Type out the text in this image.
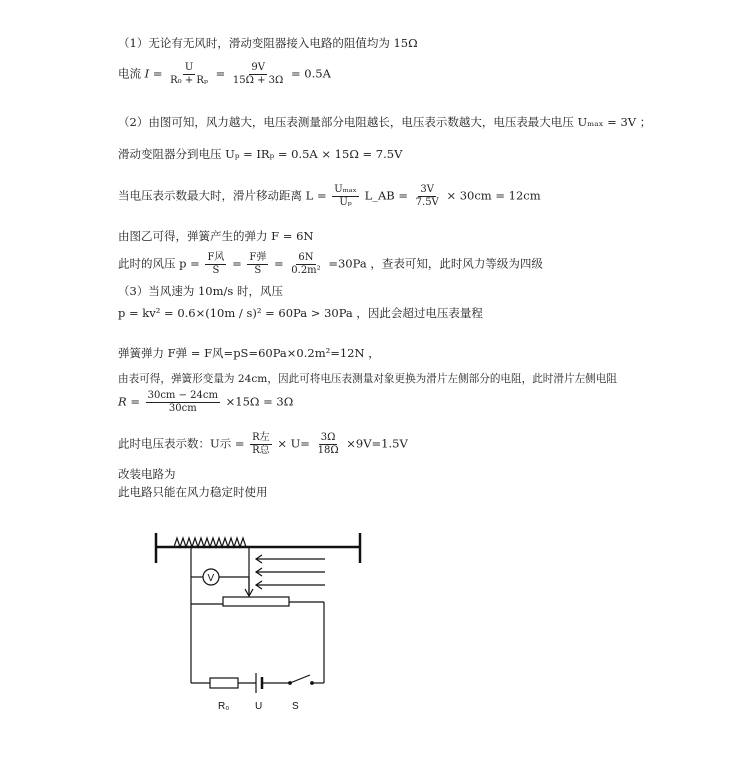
（1）无论有无风时，滑动变阻器接入电路的阻值均为 15Ω
电流 $I = \frac{U}{\text{R₀ + Rₚ}} = \frac{9V}{15\Omega + 3\Omega} = 0.5A$
（2）由图可知，风力越大，电压表测量部分电阻越长，电压表示数越大，电压表最大电压 Uₘₐₓ = 3V ；
滑动变阻器分到电压 Uₚ = IRₚ = 0.5A × 15Ω = 7.5V
当电压表示数最大时，滑片移动距离 $L = \frac{\text{Uₘₐₓ}}{\text{Uₚ}}$ L_AB = $\frac{3V}{7.5V} \times 30cm = 12cm$
由图乙可得，弹簧产生的弹力 F = 6N
此时的风压 $p = \frac{\text{F风}}{S} = \frac{\text{F弹}}{S} = \frac{6N}{\text{0.2m²}} =30Pa$ ，查表可知，此时风力等级为四级
（3）当风速为 10m/s 时，风压
p = kv² = 0.6×(10m / s)² = 60Pa > 30Pa ，因此会超过电压表量程
弹簧弹力 F弹 = F风=pS=60Pa×0.2m²=12N ，
由表可得，弹簧形变量为 24cm，因此可将电压表测量对象更换为滑片左侧部分的电阻，此时滑片左侧电阻
$R = \frac{30cm - 24cm}{30cm} \times 15\Omega = 3\Omega$
此时电压表示数：U示 = $\frac{\text{R左}}{\text{R总}} \times U= \frac{3\Omega}{18\Omega} \times 9V=1.5V$
改装电路为
此电路只能在风力稳定时使用
V
R₀	U	S
